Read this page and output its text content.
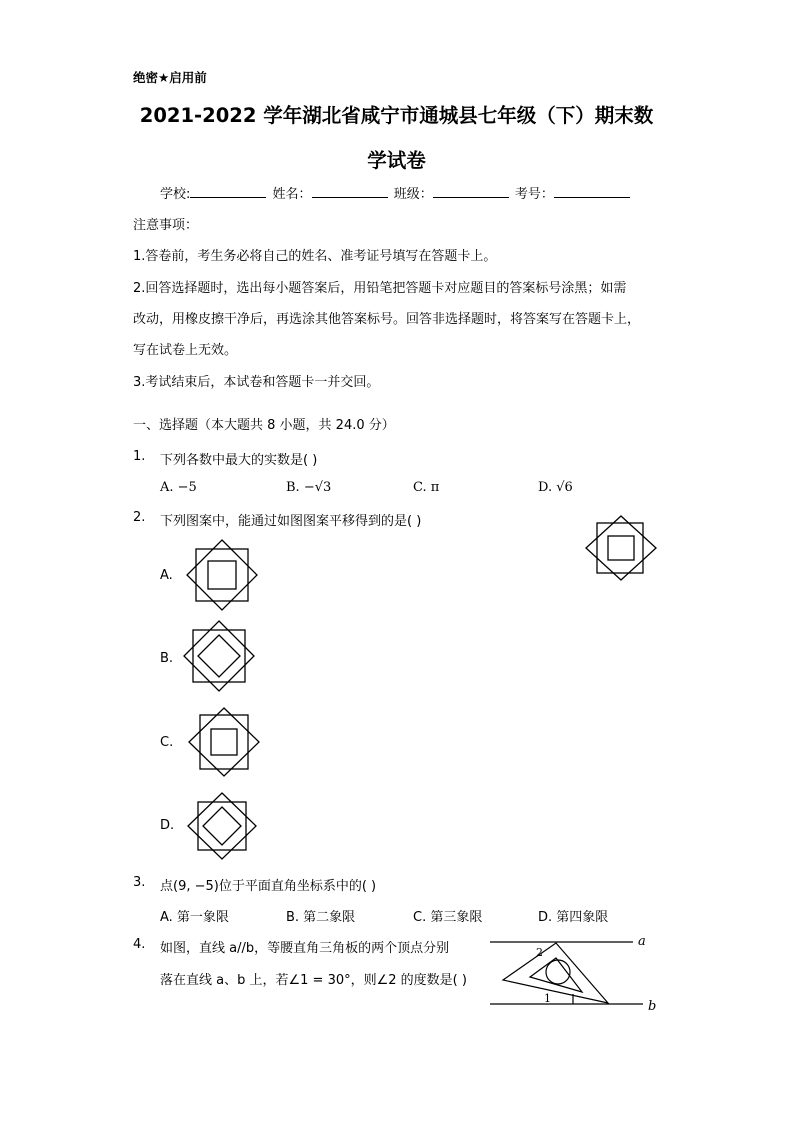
绝密★启用前
2021-2022 学年湖北省咸宁市通城县七年级（下）期末数
学试卷
学校:	姓名：	班级：	考号：
注意事项：
1.答卷前，考生务必将自己的姓名、准考证号填写在答题卡上。
2.回答选择题时，选出每小题答案后，用铅笔把答题卡对应题目的答案标号涂黑；如需
改动，用橡皮擦干净后，再选涂其他答案标号。回答非选择题时，将答案写在答题卡上，
写在试卷上无效。
3.考试结束后，本试卷和答题卡一并交回。
一、选择题（本大题共 8 小题，共 24.0 分）
1. 下列各数中最大的实数是( )
A. −5	B. −√3	C. π	D. √6
2. 下列图案中，能通过如图图案平移得到的是( )
A.
B.
C.
D.
3. 点(9, −5)位于平面直角坐标系中的( )
A. 第一象限	B. 第二象限	C. 第三象限	D. 第四象限
4. 如图，直线 a//b，等腰直角三角板的两个顶点分别
落在直线 a、b 上，若∠1 = 30°，则∠2 的度数是( )
a
b
2
1
